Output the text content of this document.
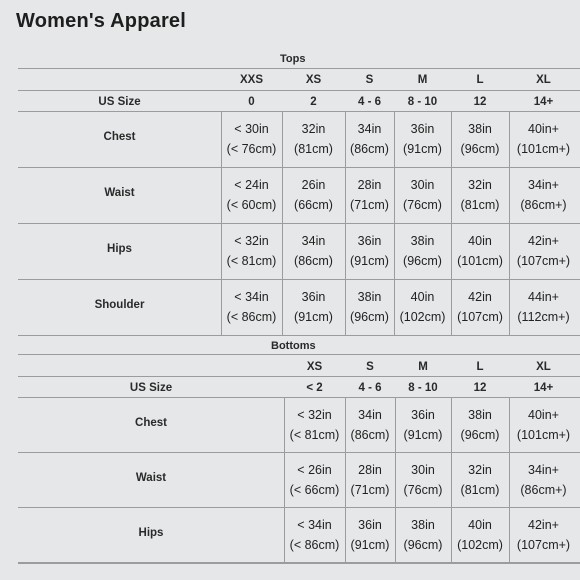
Women's Apparel
Tops
XXS
0
XS
2
S
4 - 6
M
8 - 10
L
12
XL
14+
US Size
Chest
< 30in
(< 76cm)
32in
(81cm)
34in
(86cm)
36in
(91cm)
38in
(96cm)
40in+
(101cm+)
Waist
< 24in
(< 60cm)
26in
(66cm)
28in
(71cm)
30in
(76cm)
32in
(81cm)
34in+
(86cm+)
Hips
< 32in
(< 81cm)
34in
(86cm)
36in
(91cm)
38in
(96cm)
40in
(101cm)
42in+
(107cm+)
Shoulder
< 34in
(< 86cm)
36in
(91cm)
38in
(96cm)
40in
(102cm)
42in
(107cm)
44in+
(112cm+)
Bottoms
XS
< 2
S
4 - 6
M
8 - 10
L
12
XL
14+
US Size
Chest
< 32in
(< 81cm)
34in
(86cm)
36in
(91cm)
38in
(96cm)
40in+
(101cm+)
Waist
< 26in
(< 66cm)
28in
(71cm)
30in
(76cm)
32in
(81cm)
34in+
(86cm+)
Hips
< 34in
(< 86cm)
36in
(91cm)
38in
(96cm)
40in
(102cm)
42in+
(107cm+)
